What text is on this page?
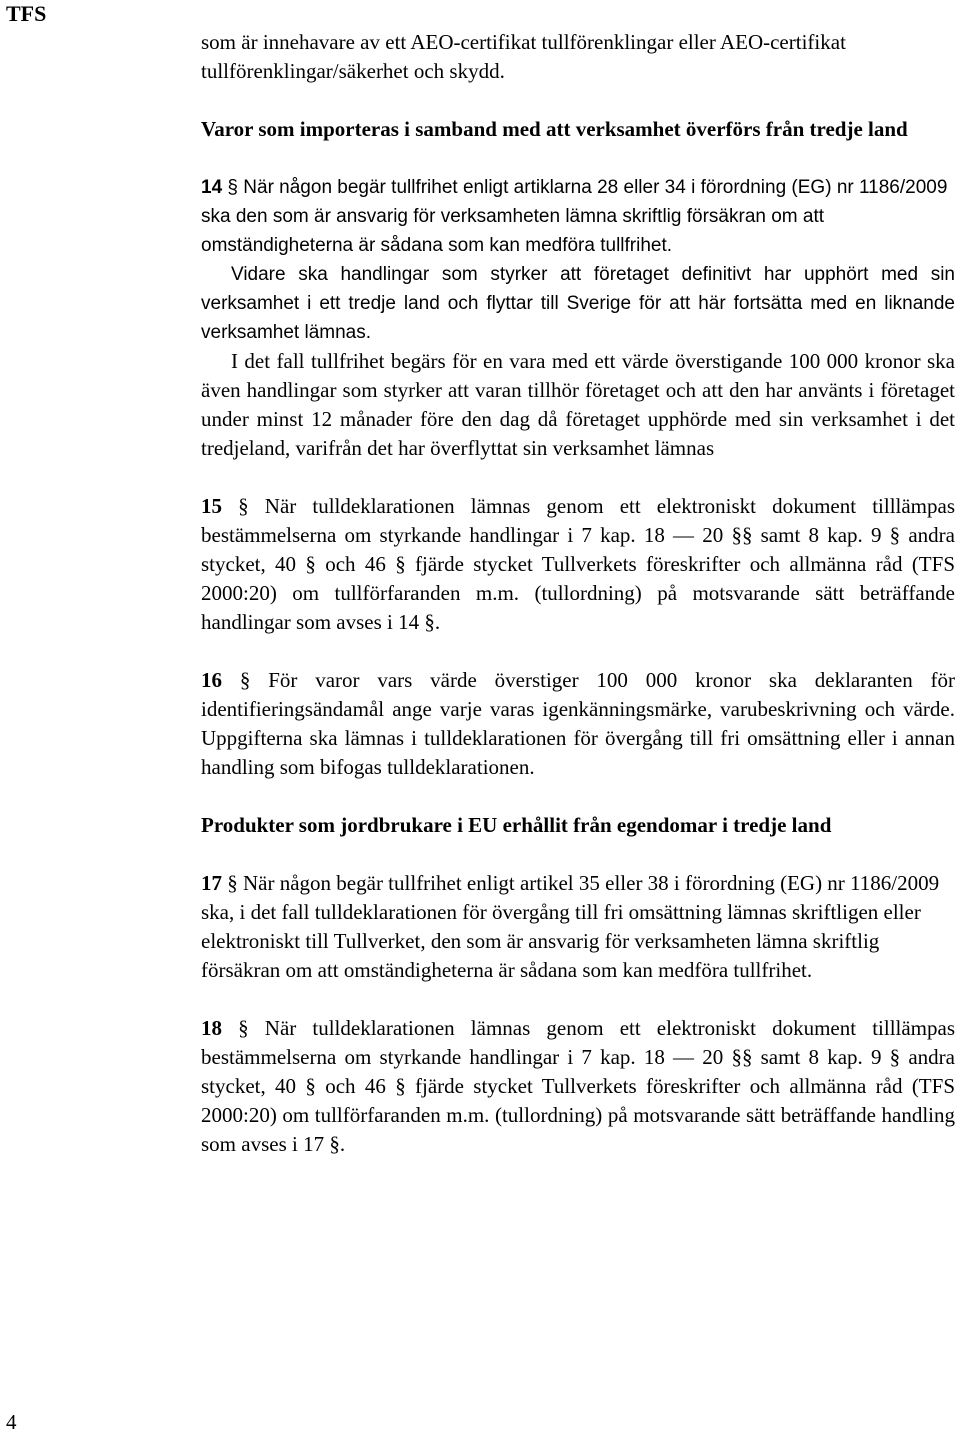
TFS

som är innehavare av ett AEO-certifikat tullförenklingar eller AEO-certifikat tullförenklingar/säkerhet och skydd.

Varor som importeras i samband med att verksamhet överförs från tredje land

14 § När någon begär tullfrihet enligt artiklarna 28 eller 34 i förordning (EG) nr 1186/2009 ska den som är ansvarig för verksamheten lämna skriftlig försäkran om att omständigheterna är sådana som kan medföra tullfrihet.

Vidare ska handlingar som styrker att företaget definitivt har upphört med sin verksamhet i ett tredje land och flyttar till Sverige för att här fortsätta med en liknande verksamhet lämnas.

I det fall tullfrihet begärs för en vara med ett värde överstigande 100 000 kronor ska även handlingar som styrker att varan tillhör företaget och att den har använts i företaget under minst 12 månader före den dag då företaget upphörde med sin verksamhet i det tredjeland, varifrån det har överflyttat sin verksamhet lämnas

15 § När tulldeklarationen lämnas genom ett elektroniskt dokument tilllämpas bestämmelserna om styrkande handlingar i 7 kap. 18 — 20 §§ samt 8 kap. 9 § andra stycket, 40 § och 46 § fjärde stycket Tullverkets föreskrifter och allmänna råd (TFS 2000:20) om tullförfaranden m.m. (tullordning) på motsvarande sätt beträffande handlingar som avses i 14 §.

16 § För varor vars värde överstiger 100 000 kronor ska deklaranten för identifieringsändamål ange varje varas igenkänningsmärke, varubeskrivning och värde. Uppgifterna ska lämnas i tulldeklarationen för övergång till fri omsättning eller i annan handling som bifogas tulldeklarationen.

Produkter som jordbrukare i EU erhållit från egendomar i tredje land

17 § När någon begär tullfrihet enligt artikel 35 eller 38 i förordning (EG) nr 1186/2009 ska, i det fall tulldeklarationen för övergång till fri omsättning lämnas skriftligen eller elektroniskt till Tullverket, den som är ansvarig för verksamheten lämna skriftlig försäkran om att omständigheterna är sådana som kan medföra tullfrihet.

18 § När tulldeklarationen lämnas genom ett elektroniskt dokument tilllämpas bestämmelserna om styrkande handlingar i 7 kap. 18 — 20 §§ samt 8 kap. 9 § andra stycket, 40 § och 46 § fjärde stycket Tullverkets föreskrifter och allmänna råd (TFS 2000:20) om tullförfaranden m.m. (tullordning) på motsvarande sätt beträffande handling som avses i 17 §.

4
